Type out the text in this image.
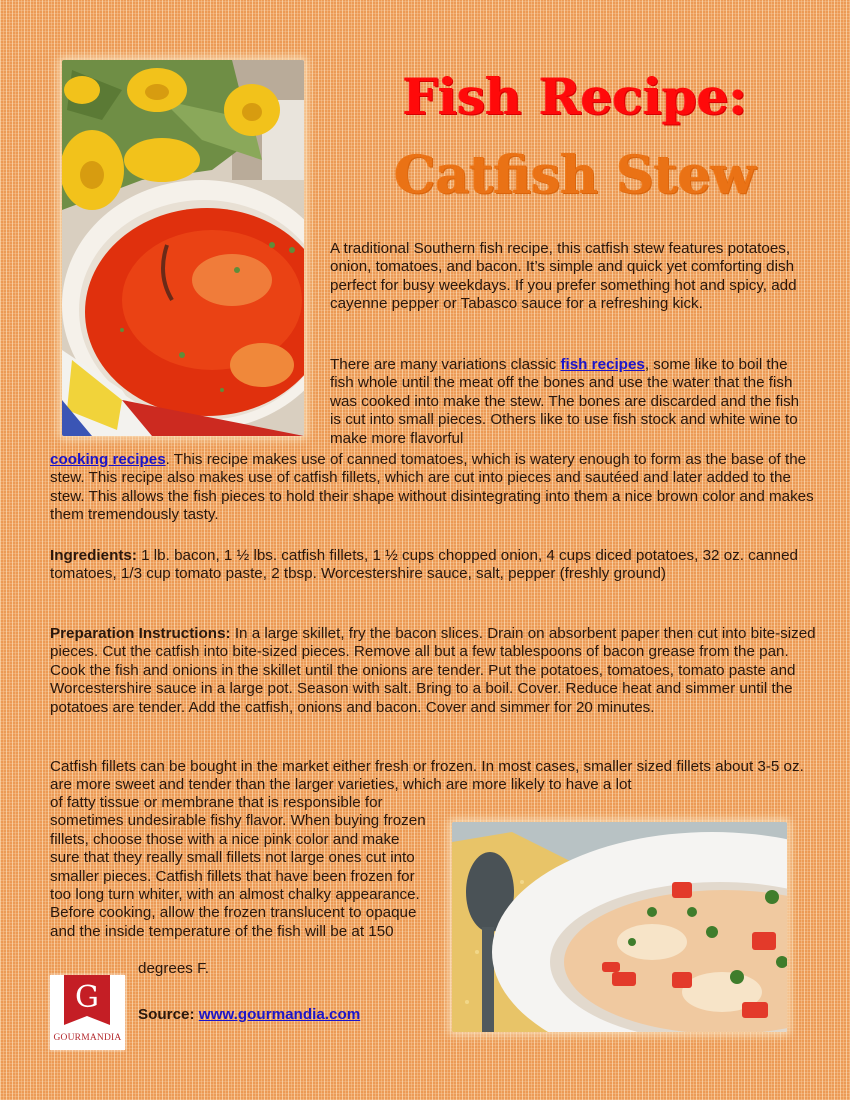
Fish Recipe:
Catfish Stew
A traditional Southern fish recipe, this catfish stew features potatoes, onion, tomatoes, and bacon. It’s simple and quick yet comforting dish perfect for busy weekdays. If you prefer something hot and spicy, add cayenne pepper or Tabasco sauce for a refreshing kick.
There are many variations classic fish recipes, some like to boil the fish whole until the meat off the bones and use the water that the fish was cooked into make the stew. The bones are discarded and the fish is cut into small pieces. Others like to use fish stock and white wine to make more flavorful
cooking recipes. This recipe makes use of canned tomatoes, which is watery enough to form as the base of the stew. This recipe also makes use of catfish fillets, which are cut into pieces and sautéed and later added to the stew. This allows the fish pieces to hold their shape without disintegrating into them a nice brown color and makes them tremendously tasty.
Ingredients: 1 lb. bacon, 1 ½ lbs. catfish fillets, 1 ½ cups chopped onion, 4 cups diced potatoes, 32 oz. canned tomatoes, 1/3 cup tomato paste, 2 tbsp. Worcestershire sauce, salt, pepper (freshly ground)
Preparation Instructions: In a large skillet, fry the bacon slices. Drain on absorbent paper then cut into bite-sized pieces. Cut the catfish into bite-sized pieces. Remove all but a few tablespoons of bacon grease from the pan. Cook the fish and onions in the skillet until the onions are tender. Put the potatoes, tomatoes, tomato paste and Worcestershire sauce in a large pot. Season with salt. Bring to a boil. Cover. Reduce heat and simmer until the potatoes are tender. Add the catfish, onions and bacon. Cover and simmer for 20 minutes.
Catfish fillets can be bought in the market either fresh or frozen. In most cases, smaller sized fillets about 3-5 oz. are more sweet and tender than the larger varieties, which are more likely to have a lot
of fatty tissue or membrane that is responsible for sometimes undesirable fishy flavor. When buying frozen fillets, choose those with a nice pink color and make sure that they really small fillets not large ones cut into smaller pieces. Catfish fillets that have been frozen for too long turn whiter, with an almost chalky appearance. Before cooking, allow the frozen translucent to opaque and the inside temperature of the fish will be at 150
degrees F.
G
GOURMANDIA
Source: www.gourmandia.com
